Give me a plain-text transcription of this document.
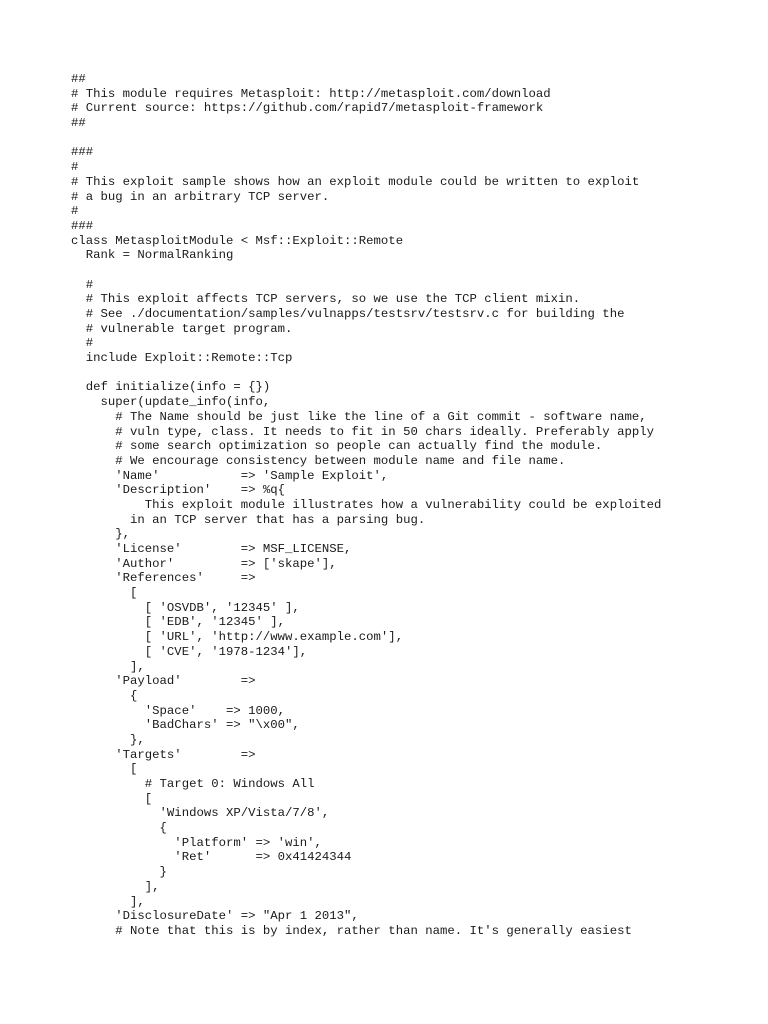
##
# This module requires Metasploit: http://metasploit.com/download
# Current source: https://github.com/rapid7/metasploit-framework
##

###
#
# This exploit sample shows how an exploit module could be written to exploit
# a bug in an arbitrary TCP server.
#
###
class MetasploitModule < Msf::Exploit::Remote
Rank = NormalRanking

#
# This exploit affects TCP servers, so we use the TCP client mixin.
# See ./documentation/samples/vulnapps/testsrv/testsrv.c for building the
# vulnerable target program.
#
include Exploit::Remote::Tcp

def initialize(info = {})
super(update_info(info,
# The Name should be just like the line of a Git commit - software name,
# vuln type, class. It needs to fit in 50 chars ideally. Preferably apply
# some search optimization so people can actually find the module.
# We encourage consistency between module name and file name.
'Name'           => 'Sample Exploit',
'Description'    => %q{
This exploit module illustrates how a vulnerability could be exploited
in an TCP server that has a parsing bug.
},
'License'        => MSF_LICENSE,
'Author'         => ['skape'],
'References'     =>
[
[ 'OSVDB', '12345' ],
[ 'EDB', '12345' ],
[ 'URL', 'http://www.example.com'],
[ 'CVE', '1978-1234'],
],
'Payload'        =>
{
'Space'    => 1000,
'BadChars' => "\x00",
},
'Targets'        =>
[
# Target 0: Windows All
[
'Windows XP/Vista/7/8',
{
'Platform' => 'win',
'Ret'      => 0x41424344
}
],
],
'DisclosureDate' => "Apr 1 2013",
# Note that this is by index, rather than name. It's generally easiest
